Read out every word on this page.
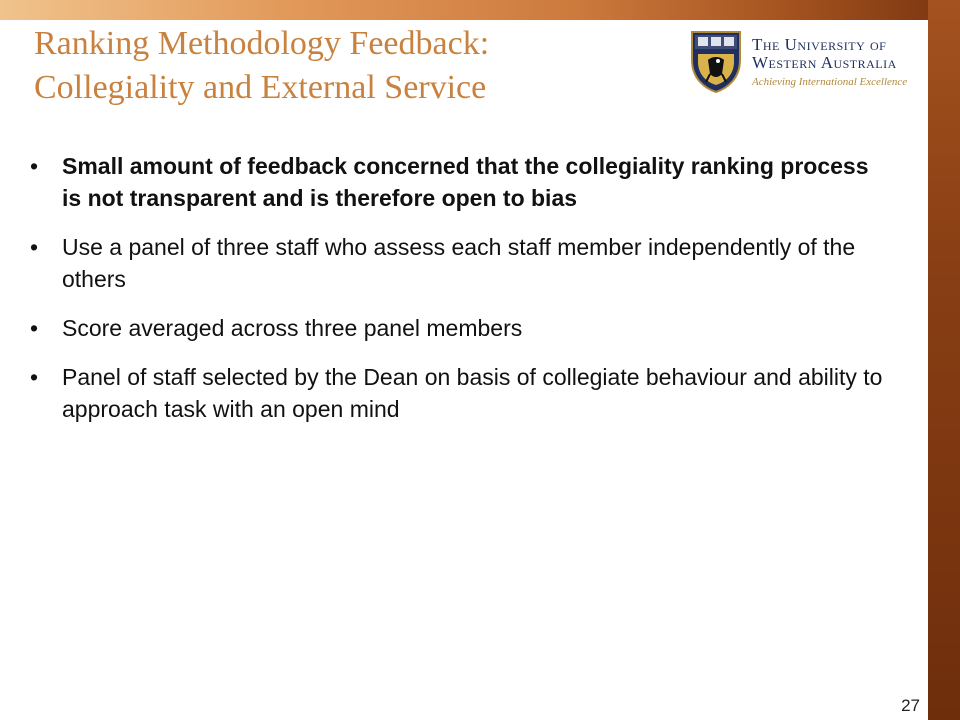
Ranking Methodology Feedback:
Collegiality and External Service
The University of
Western Australia
Achieving International Excellence
•	Small amount of feedback concerned that the collegiality ranking process is not transparent and is therefore open to bias
•	Use a panel of three staff who assess each staff member independently of the others
•	Score averaged across three panel members
•	Panel of staff selected by the Dean on basis of collegiate behaviour and ability to approach task with an open mind
27
